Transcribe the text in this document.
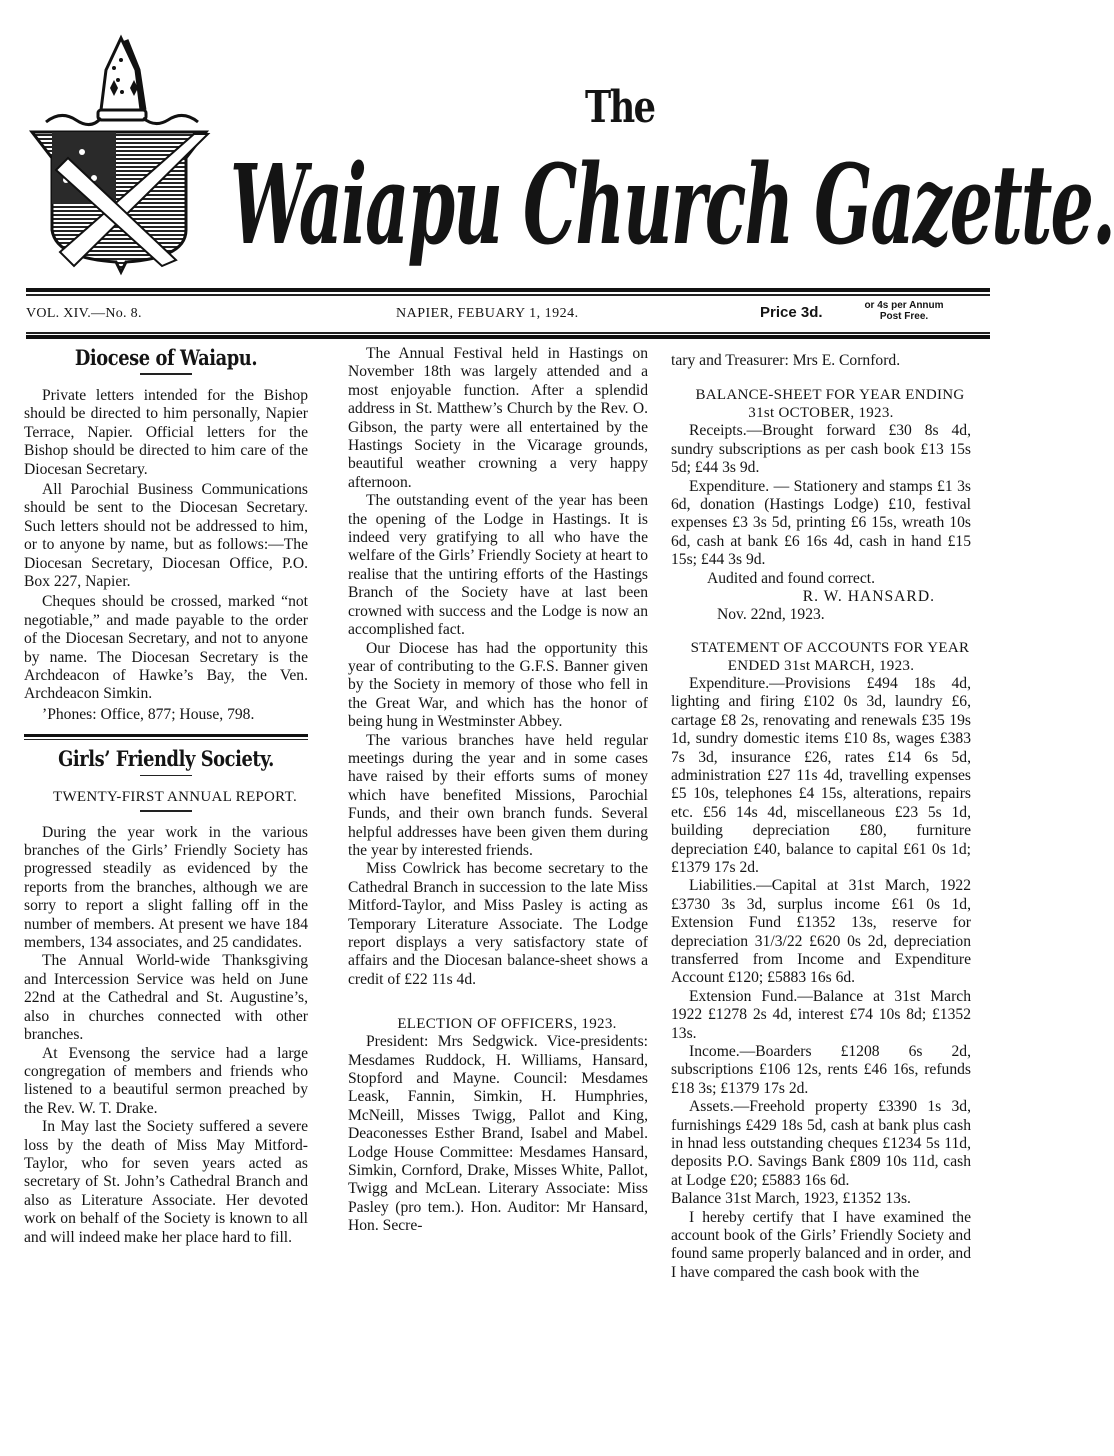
The
Waiapu Church Gazette.
VOL. XIV.—No. 8.	NAPIER, FEBUARY 1, 1924.	Price 3d.	or 4s per Annum
Post Free.
Diocese of Waiapu.

Private letters intended for the Bishop should be directed to him personally, Napier Terrace, Napier. Official letters for the Bishop should be directed to him care of the Diocesan Secretary.

All Parochial Business Communications should be sent to the Diocesan Secretary. Such letters should not be addressed to him, or to anyone by name, but as follows:—The Diocesan Secretary, Diocesan Office, P.O. Box 227, Napier.

Cheques should be crossed, marked “not negotiable,” and made payable to the order of the Diocesan Secretary, and not to anyone by name. The Diocesan Secretary is the Archdeacon of Hawke’s Bay, the Ven. Archdeacon Simkin.

’Phones: Office, 877; House, 798.

Girls’ Friendly Society.

TWENTY-FIRST ANNUAL REPORT.

During the year work in the various branches of the Girls’ Friendly Society has progressed steadily as evidenced by the reports from the branches, although we are sorry to report a slight falling off in the number of members. At present we have 184 members, 134 associates, and 25 candidates.

The Annual World-wide Thanksgiving and Intercession Service was held on June 22nd at the Cathedral and St. Augustine’s, also in churches connected with other branches.

At Evensong the service had a large congregation of members and friends who listened to a beautiful sermon preached by the Rev. W. T. Drake.

In May last the Society suffered a severe loss by the death of Miss May Mitford-Taylor, who for seven years acted as secretary of St. John’s Cathedral Branch and also as Literature Associate. Her devoted work on behalf of the Society is known to all and will indeed make her place hard to fill.

The Annual Festival held in Hastings on November 18th was largely attended and a most enjoyable function. After a splendid address in St. Matthew’s Church by the Rev. O. Gibson, the party were all entertained by the Hastings Society in the Vicarage grounds, beautiful weather crowning a very happy afternoon.

The outstanding event of the year has been the opening of the Lodge in Hastings. It is indeed very gratifying to all who have the welfare of the Girls’ Friendly Society at heart to realise that the untiring efforts of the Hastings Branch of the Society have at last been crowned with success and the Lodge is now an accomplished fact.

Our Diocese has had the opportunity this year of contributing to the G.F.S. Banner given by the Society in memory of those who fell in the Great War, and which has the honor of being hung in Westminster Abbey.

The various branches have held regular meetings during the year and in some cases have raised by their efforts sums of money which have benefited Missions, Parochial Funds, and their own branch funds. Several helpful addresses have been given them during the year by interested friends.

Miss Cowlrick has become secretary to the Cathedral Branch in succession to the late Miss Mitford-Taylor, and Miss Pasley is acting as Temporary Literature Associate. The Lodge report displays a very satisfactory state of affairs and the Diocesan balance-sheet shows a credit of £22 11s 4d.

ELECTION OF OFFICERS, 1923.

President: Mrs Sedgwick. Vice-presidents: Mesdames Ruddock, H. Williams, Hansard, Stopford and Mayne. Council: Mesdames Leask, Fannin, Simkin, H. Humphries, McNeill, Misses Twigg, Pallot and King, Deaconesses Esther Brand, Isabel and Mabel. Lodge House Committee: Mesdames Hansard, Simkin, Cornford, Drake, Misses White, Pallot, Twigg and McLean. Literary Associate: Miss Pasley (pro tem.). Hon. Auditor: Mr Hansard, Hon. Secre-

tary and Treasurer: Mrs E. Cornford.

BALANCE-SHEET FOR YEAR ENDING 31st OCTOBER, 1923.

Receipts.—Brought forward £30 8s 4d, sundry subscriptions as per cash book £13 15s 5d; £44 3s 9d.

Expenditure. — Stationery and stamps £1 3s 6d, donation (Hastings Lodge) £10, festival expenses £3 3s 5d, printing £6 15s, wreath 10s 6d, cash at bank £6 16s 4d, cash in hand £15 15s; £44 3s 9d.

Audited and found correct.

R. W. HANSARD.

Nov. 22nd, 1923.

STATEMENT OF ACCOUNTS FOR YEAR ENDED 31st MARCH, 1923.

Expenditure.—Provisions £494 18s 4d, lighting and firing £102 0s 3d, laundry £6, cartage £8 2s, renovating and renewals £35 19s 1d, sundry domestic items £10 8s, wages £383 7s 3d, insurance £26, rates £14 6s 5d, administration £27 11s 4d, travelling expenses £5 10s, telephones £4 15s, alterations, repairs etc. £56 14s 4d, miscellaneous £23 5s 1d, building depreciation £80, furniture depreciation £40, balance to capital £61 0s 1d; £1379 17s 2d.

Liabilities.—Capital at 31st March, 1922 £3730 3s 3d, surplus income £61 0s 1d, Extension Fund £1352 13s, reserve for depreciation 31/3/22 £620 0s 2d, depreciation transferred from Income and Expenditure Account £120; £5883 16s 6d.

Extension Fund.—Balance at 31st March 1922 £1278 2s 4d, interest £74 10s 8d; £1352 13s.

Income.—Boarders £1208 6s 2d, subscriptions £106 12s, rents £46 16s, refunds £18 3s; £1379 17s 2d.

Assets.—Freehold property £3390 1s 3d, furnishings £429 18s 5d, cash at bank plus cash in hnad less outstanding cheques £1234 5s 11d, deposits P.O. Savings Bank £809 10s 11d, cash at Lodge £20; £5883 16s 6d.

Balance 31st March, 1923, £1352 13s.

I hereby certify that I have examined the account book of the Girls’ Friendly Society and found same properly balanced and in order, and I have compared the cash book with the
